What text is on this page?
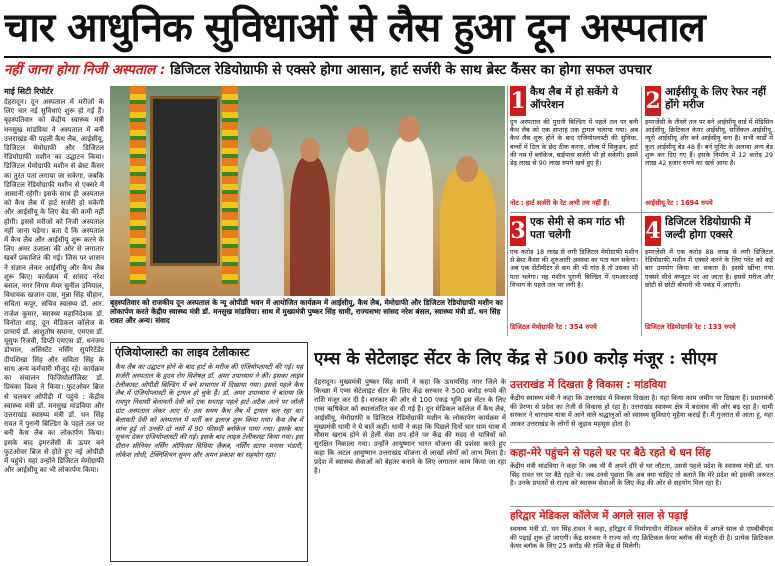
चार आधुनिक सुविधाओं से लैस हुआ दून अस्पताल
नहीं जाना होगा निजी अस्पताल : डिजिटल रेडियोग्राफी से एक्सरे होगा आसान, हार्ट सर्जरी के साथ ब्रेस्ट कैंसर का होगा सफल उपचार
माई सिटी रिपोर्टर
देहरादून। दून अस्पताल में मरीजों के लिए चार नई सुविधाएं शुरू हो गई हैं। बृहस्पतिवार को केंद्रीय स्वास्थ्य मंत्री मनसुख मांडविया ने अस्पताल में बनी उत्तराखंड की पहली कैथ लैब, आईसीयू, डिजिटल मेमोग्राफी और डिजिटल रेडियोग्राफी मशीन का उद्घाटन किया। डिजिटल मेमोग्राफी मशीन से ब्रेस्ट कैंसर का तुरंत पता लगाया जा सकेगा, जबकि डिजिटल रेडियोग्राफी मशीन से एक्सरे में आसानी रहेगी। इसके साथ ही अस्पताल को कैथ लैब में हार्ट सर्जरी हो सकेगी और आईसीयू के लिए बेड की कमी नहीं होगी। इससे मरीजों को निजी अस्पताल नहीं जाना पड़ेगा। बता दें कि अस्पताल में कैथ लैब और आईसीयू शुरू करने के लिए अमर उजाला की ओर से लगातार खबरें प्रकाशित की गई। जिस पर शासन ने संज्ञान लेकर आईसीयू और कैथ लैब शुरू किए। कार्यक्रम में सांसद नरेश बंसल, नगर निगम मेयर सुनील उनियाल, विधायक खजान दास, मुन्ना सिंह चौहान, सविता कपूर, सचिव स्वास्थ्य डॉ. आर. राजेश कुमार, स्वास्थ्य महानिदेशक डॉ. विनोता शाह, दून मेडिकल कॉलेज के प्राचार्य डॉ. आशुतोष सयाना, एमएस डॉ. यूसुफ रिजवी, डिप्टी एमएस डॉ. धनंजय डोभाल, असिस्टेंट नर्सिंग सुपरिटेंडेंट दीपशिखा सिंह और सविता सिंह के साथ अन्य कर्मचारी मौजूद रहे। कार्यक्रम का संचालन फिजियोलॉजिस्ट डॉ. प्रियंका विश्व ने किया। फुटओवर ब्रिज से चलकर ओपीडी में पहुंचे : केंद्रीय स्वास्थ्य मंत्री डॉ. मनसुख मांडविया और उत्तराखंड स्वास्थ्य मंत्री डॉ. धन सिंह रावत ने पुरानी बिल्डिंग के पहले तल पर बनी कैथ लैब का लोकार्पण किया। इसके बाद इमरजेंसी के ऊपर बने फुटओवर ब्रिज से होते हुए नई ओपीडी में पहुंचे। यहां उन्होंने डिजिटल मेमोग्राफी और आईसीयू का भी लोकार्पण किया।
बृहस्पतिवार को राजकीय दून अस्पताल के न्यू ओपीडी भवन में आयोजित कार्यक्रम में आईसीयू, कैथ लैब, मेमोग्राफी और डिजिटल रेडियोग्राफी मशीन का लोकार्पण करते केंद्रीय स्वास्थ्य मंत्री डॉ. मनसुख मांडविया। साथ में मुख्यमंत्री पुष्कर सिंह धामी, राज्यसभा सांसद नरेश बंसल, स्वास्थ्य मंत्री डॉ. धन सिंह रावत और अन्य। संवाद
1 कैथ लैब में हो सकेंगे ये ऑपरेशन
दून अस्पताल की पुरानी बिल्डिंग में पहले तल पर बनी कैथ लैब को एक सप्ताह तक ट्रायल चलाया गया। अब कैथ लैब शुरू होने के बाद एंजियोप्लास्टी की सुविधा, बच्चों में दिल के छेद ठीक करना, वॉल्व में सिकुड़न, हार्ट की नस में ब्लॉकेज, बाईपास सर्जरी भी हो सकेगी। इसमें डेढ़ लाख से 90 लाख रुपये खर्च हुए हैं।
नोट : हार्ट सर्जरी के रेट अभी तय नहीं हैं।
2 आईसीयू के लिए रेफर नहीं होंगे मरीज
इमरजेंसी के तीसरे तल पर बने आईसीयू वार्ड में मेडिसिन आईसीयू, क्रिटिकल केयर आईसीयू, सर्जिकल आईसीयू, न्यूरो आईसीयू और बर्न आईसीयू बना है। सभी वार्डों में कुल आईसीयू बेड 48 हैं। बर्न यूनिट के अलावा अन्य बेड शुरू कर दिए गए हैं। इसके निर्माण में 12 करोड़ 29 लाख 42 हजार रुपये का खर्च आया है।
आईसीयू रेट : 1694 रुपये
3 एक सेमी से कम गांठ भी पता चलेगी
एक करोड़ 18 लाख से लगी डिजिटल मेमोग्राफी मशीन से ब्रेस्ट कैंसर की शुरुआती अवस्था का पता चल सकेगा। अब एक सेंटीमीटर से कम की भी गांठ है तो उसका भी पता चलेगा। यह मशीन पुरानी बिल्डिंग में एमआरआई विभाग के पहले तल पर लगी है।
डिजिटल मेमोग्राफी रेट : 354 रुपये
4 डिजिटल रेडियोग्राफी में जल्दी होगा एक्सरे
इमरजेंसी में एक करोड़ 88 लाख से लगी डिजिटल रेडियोग्राफी मशीन में एक्सरे करने के लिए प्लेट को कई बार उपयोग किया जा सकता है। इससे खींचा गया एक्सरे सीधे कंप्यूटर पर आ जाता है। इससे मरीज और छोटी से छोटी बीमारी भी पकड़ में आएगी।
डिजिटल रेडियोग्राफी रेट : 133 रुपये
एंजियोप्लास्टी का लाइव टेलीकास्ट
कैथ लैब का उद्घाटन होने के बाद हार्ट के मरीज की एंजियोप्लास्टी की गई। यह सर्जरी अस्पताल के हृदय रोग विशेषज्ञ डॉ. अमर उपाध्याय ने की। इसका लाइव टेलीकास्ट ओपीडी बिल्डिंग में बने सभागार में दिखाया गया। इससे पहले कैथ लैब में एंजियोप्लास्टी के ट्रायल हो चुके हैं। डॉ. अमर उपाध्याय ने बताया कि रायपुर निवासी बेलावती देवी को एक सप्ताह पहले हार्ट अटैक आने पर जॉली ग्रांट अस्पताल लेकर आए थे। उस समय कैथ लैब में ट्रायल चल रहा था। बेलावती देवी को अस्पताल में भर्ती कर इलाज शुरू किया गया। कैथ लैब में जांच हुई तो उनकी दो नसों में 90 फीसदी ब्लॉकेज पाया गया। इसके बाद सूचना देकर एंजियोप्लास्टी की गई। इसके बाद लाइव टेलीकास्ट किया गया। इस दौरान सीनियर नर्सिंग ऑफिसर विधिया जैकब, नर्सिंग स्टाफ मनास भंडारी, लोकेश लोधी, टेक्निशियन सुमन और अमन प्रकाश का सहयोग रहा।
एम्स के सेटेलाइट सेंटर के लिए केंद्र से 500 करोड़ मंजूर : सीएम
देहरादून। मुख्यमंत्री पुष्कर सिंह धामी ने कहा कि ऊधमसिंह नगर जिले के किच्छा में एम्स सेटेलाइट सेंटर के लिए केंद्र सरकार ने 500 करोड़ रुपये की राशि मंजूर कर दी है। सरकार की ओर से 100 एकड़ भूमि इस सेंटर के लिए एम्स ऋषिकेश को स्थानांतरित कर दी गई है। दून मेडिकल कॉलेज में कैथ लैब, आईसीयू, मेमोग्राफी व डिजिटल रेडियोग्राफी मशीन के लोकार्पण कार्यक्रम में मुख्यमंत्री धामी ने ये बातें कहीं। धामी ने कहा कि पिछले दिनों चार धाम यात्रा में मौसम खराब होने से हेली सेवा ठप होने पर केंद्र की मदद से यात्रियों को सुरक्षित निकाला गया। उन्होंने आयुष्मान भारत योजना की प्रशंसा करते हुए कहा कि अटल आयुष्मान उत्तराखंड योजना से लाखों लोगों को लाभ मिला है। प्रदेश में स्वास्थ्य सेवाओं को बेहतर बनाने के लिए लगातार काम किया जा रहा है।
उत्तराखंड में दिखता है विकास : मांडविया
केंद्रीय स्वास्थ्य मंत्री ने कहा कि उत्तराखंड में विकास दिखता है। यहां किया काम जमीन पर दिखता है। प्रधानमंत्री की प्रेरणा से प्रदेश का तेजी से विकास हो रहा है। उत्तराखंड स्वास्थ्य क्षेत्र में बदलाव की ओर बढ़ रहा है। धामी सरकार ने चारधाम यात्रा में आने वाले श्रद्धालुओं को स्वास्थ्य सुविधाएं मुहैया कराई हैं। मैं गुजरात से आता हूं, यहां आकर उत्तराखंड के लोगों से जुड़ाव महसूस होता है।
कहा-मेरे पहुंचने से पहले घर पर बैठे रहते थे धन सिंह
केंद्रीय मंत्री मांडविया ने कहा कि जब भी मैं अपने दौरे से घर लौटता, उससे पहले प्रदेश के स्वास्थ्य मंत्री डॉ. धन सिंह रावत घर पर बैठे रहते थे। जब उनसे पूछता कि अब क्या चाहिए तो बताते कि मेरे प्रदेश को इसकी जरूरत है। उनके प्रयासों से राज्य को स्वास्थ्य सेवाओं के लिए केंद्र की ओर से सहयोग मिल रहा है।
हरिद्वार मेडिकल कॉलेज में अगले साल से पढ़ाई
स्वास्थ्य मंत्री डॉ. धन सिंह रावत ने कहा, हरिद्वार में निर्माणाधीन मेडिकल कॉलेज में अगले साल से एमबीबीएस की पढ़ाई शुरू हो जाएगी। केंद्र सरकार ने राज्य को नए क्रिटिकल केयर ब्लॉक की मंजूरी दी है। प्रत्येक क्रिटिकल केयर ब्लॉक के लिए 25 करोड़ की राशि केंद्र से मिलेगी।
